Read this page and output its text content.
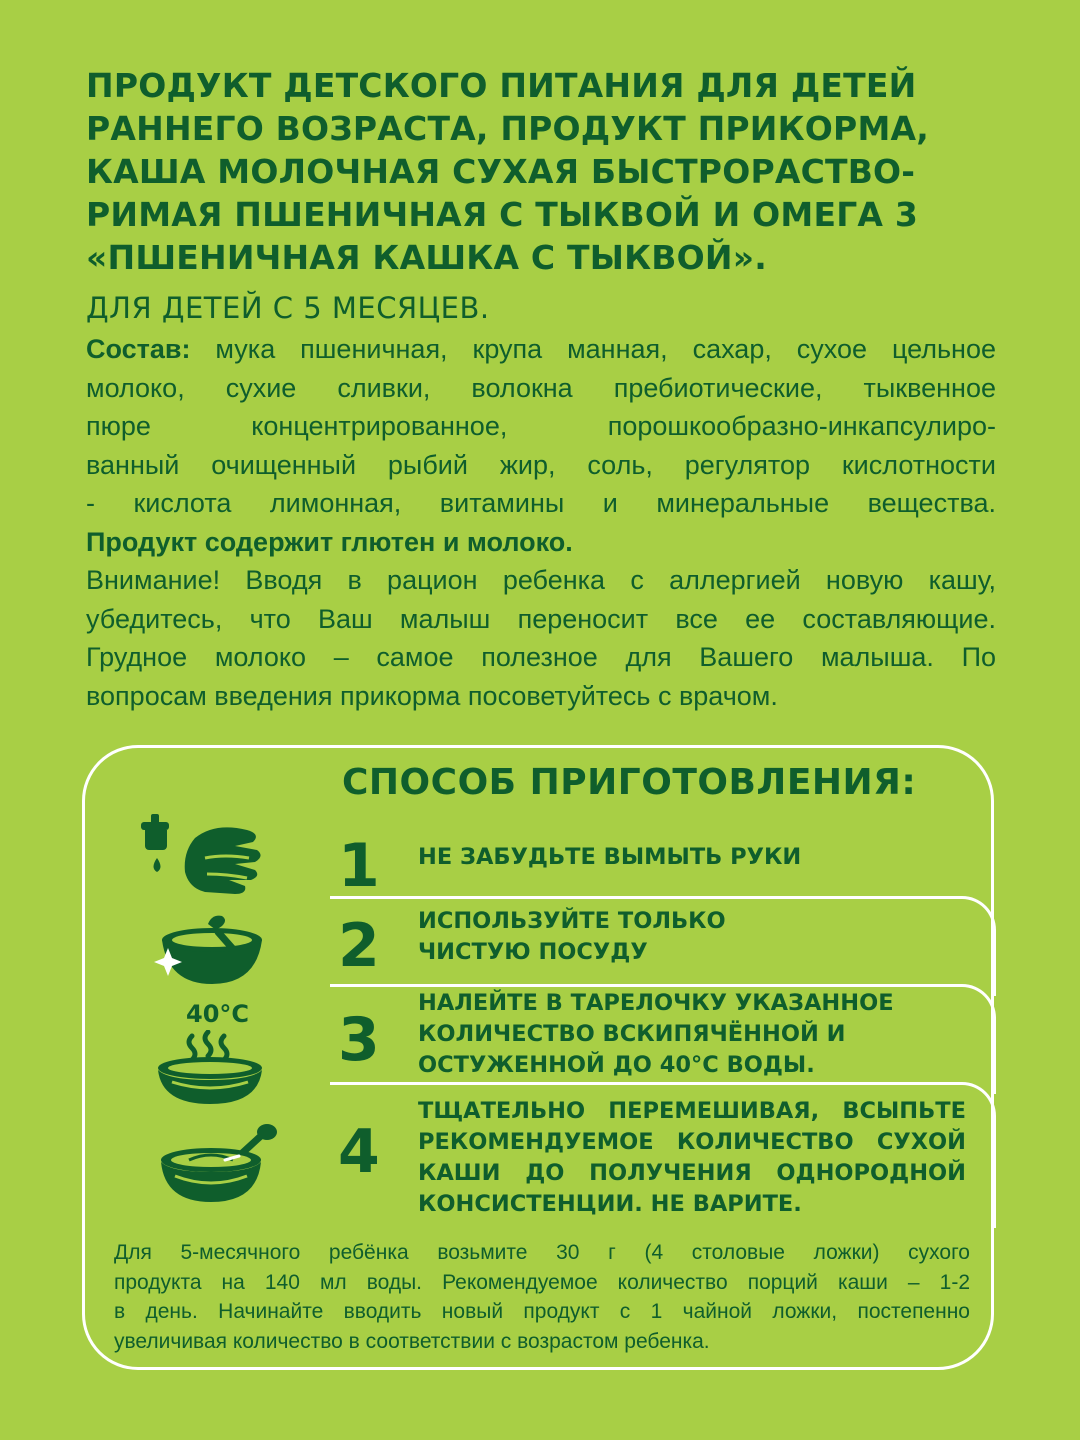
ПРОДУКТ ДЕТСКОГО ПИТАНИЯ ДЛЯ ДЕТЕЙ
РАННЕГО ВОЗРАСТА, ПРОДУКТ ПРИКОРМА,
КАША МОЛОЧНАЯ СУХАЯ БЫСТРОРАСТВО-
РИМАЯ ПШЕНИЧНАЯ С ТЫКВОЙ И ОМЕГА 3
«ПШЕНИЧНАЯ КАШКА С ТЫКВОЙ».
ДЛЯ ДЕТЕЙ С 5 МЕСЯЦЕВ.
Состав: мука пшеничная, крупа манная, сахар, сухое цельное
молоко, сухие сливки, волокна пребиотические, тыквенное
пюре концентрированное, порошкообразно-инкапсулиро-
ванный очищенный рыбий жир, соль, регулятор кислотности
- кислота лимонная, витамины и минеральные вещества.
Продукт содержит глютен и молоко.
Внимание! Вводя в рацион ребенка с аллергией новую кашу,
убедитесь, что Ваш малыш переносит все ее составляющие.
Грудное молоко – самое полезное для Вашего малыша. По
вопросам введения прикорма посоветуйтесь с врачом.
СПОСОБ ПРИГОТОВЛЕНИЯ:
1
2
3
4
НЕ ЗАБУДЬТЕ ВЫМЫТЬ РУКИ
ИСПОЛЬЗУЙТЕ ТОЛЬКО
ЧИСТУЮ ПОСУДУ
НАЛЕЙТЕ В ТАРЕЛОЧКУ УКАЗАННОЕ
КОЛИЧЕСТВО ВСКИПЯЧЁННОЙ И
ОСТУЖЕННОЙ ДО 40°С ВОДЫ.
ТЩАТЕЛЬНО ПЕРЕМЕШИВАЯ, ВСЫПЬТЕ
РЕКОМЕНДУЕМОЕ КОЛИЧЕСТВО СУХОЙ
КАШИ ДО ПОЛУЧЕНИЯ ОДНОРОДНОЙ
КОНСИСТЕНЦИИ. НЕ ВАРИТЕ.
40°С
Для 5-месячного ребёнка возьмите 30 г (4 столовые ложки) сухого
продукта на 140 мл воды. Рекомендуемое количество порций каши – 1-2
в день. Начинайте вводить новый продукт с 1 чайной ложки, постепенно
увеличивая количество в соответствии с возрастом ребенка.
